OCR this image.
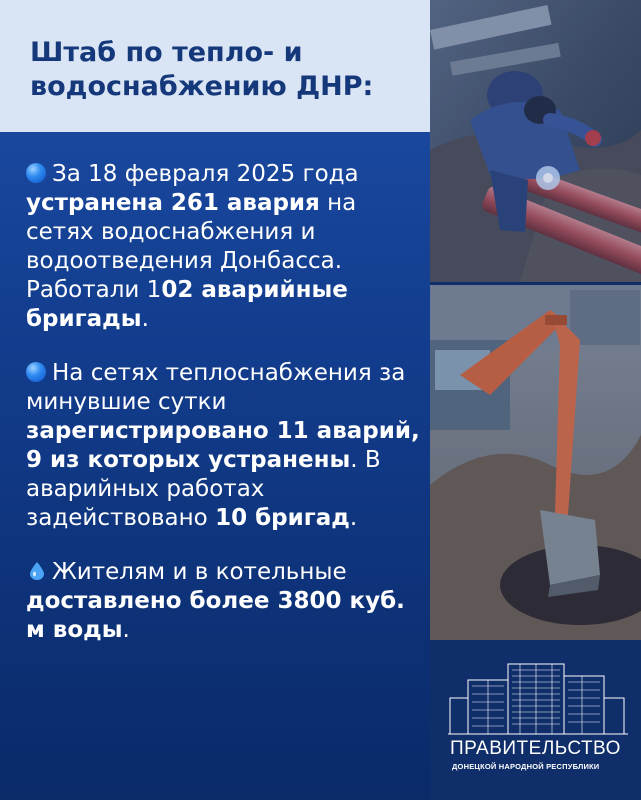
Штаб по тепло- и водоснабжению ДНР:

За 18 февраля 2025 года устранена 261 авария на сетях водоснабжения и водоотведения Донбасса. Работали 102 аварийные бригады.

На сетях теплоснабжения за минувшие сутки зарегистрировано 11 аварий, 9 из которых устранены. В аварийных работах задействовано 10 бригад.

Жителям и в котельные доставлено более 3800 куб. м воды.

ПРАВИТЕЛЬСТВО
ДОНЕЦКОЙ НАРОДНОЙ РЕСПУБЛИКИ
